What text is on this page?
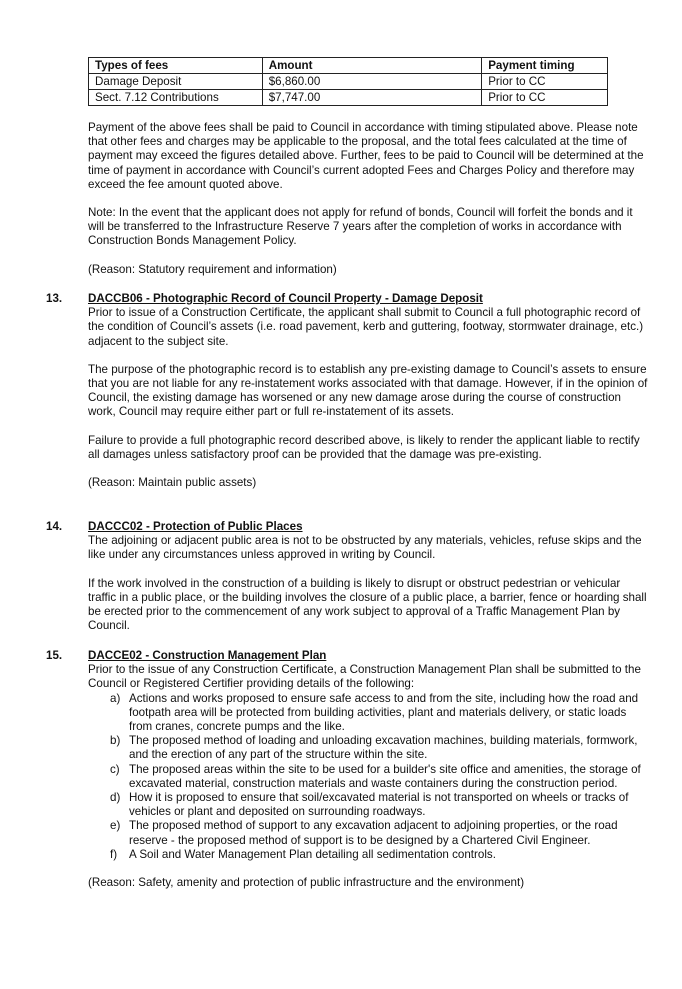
Types of fees	Amount	Payment timing
Damage Deposit	$6,860.00	Prior to CC
Sect. 7.12 Contributions	$7,747.00	Prior to CC

Payment of the above fees shall be paid to Council in accordance with timing stipulated above. Please note that other fees and charges may be applicable to the proposal, and the total fees calculated at the time of payment may exceed the figures detailed above. Further, fees to be paid to Council will be determined at the time of payment in accordance with Council’s current adopted Fees and Charges Policy and therefore may exceed the fee amount quoted above.

Note: In the event that the applicant does not apply for refund of bonds, Council will forfeit the bonds and it will be transferred to the Infrastructure Reserve 7 years after the completion of works in accordance with Construction Bonds Management Policy.

(Reason: Statutory requirement and information)

13. DACCB06 - Photographic Record of Council Property - Damage Deposit

Prior to issue of a Construction Certificate, the applicant shall submit to Council a full photographic record of the condition of Council’s assets (i.e. road pavement, kerb and guttering, footway, stormwater drainage, etc.) adjacent to the subject site.

The purpose of the photographic record is to establish any pre-existing damage to Council’s assets to ensure that you are not liable for any re-instatement works associated with that damage. However, if in the opinion of Council, the existing damage has worsened or any new damage arose during the course of construction work, Council may require either part or full re-instatement of its assets.

Failure to provide a full photographic record described above, is likely to render the applicant liable to rectify all damages unless satisfactory proof can be provided that the damage was pre-existing.

(Reason: Maintain public assets)

14. DACCC02 - Protection of Public Places

The adjoining or adjacent public area is not to be obstructed by any materials, vehicles, refuse skips and the like under any circumstances unless approved in writing by Council.

If the work involved in the construction of a building is likely to disrupt or obstruct pedestrian or vehicular traffic in a public place, or the building involves the closure of a public place, a barrier, fence or hoarding shall be erected prior to the commencement of any work subject to approval of a Traffic Management Plan by Council.

15. DACCE02 - Construction Management Plan

Prior to the issue of any Construction Certificate, a Construction Management Plan shall be submitted to the Council or Registered Certifier providing details of the following:

a) Actions and works proposed to ensure safe access to and from the site, including how the road and footpath area will be protected from building activities, plant and materials delivery, or static loads from cranes, concrete pumps and the like.
b) The proposed method of loading and unloading excavation machines, building materials, formwork, and the erection of any part of the structure within the site.
c) The proposed areas within the site to be used for a builder's site office and amenities, the storage of excavated material, construction materials and waste containers during the construction period.
d) How it is proposed to ensure that soil/excavated material is not transported on wheels or tracks of vehicles or plant and deposited on surrounding roadways.
e) The proposed method of support to any excavation adjacent to adjoining properties, or the road reserve - the proposed method of support is to be designed by a Chartered Civil Engineer.
f) A Soil and Water Management Plan detailing all sedimentation controls.

(Reason: Safety, amenity and protection of public infrastructure and the environment)
